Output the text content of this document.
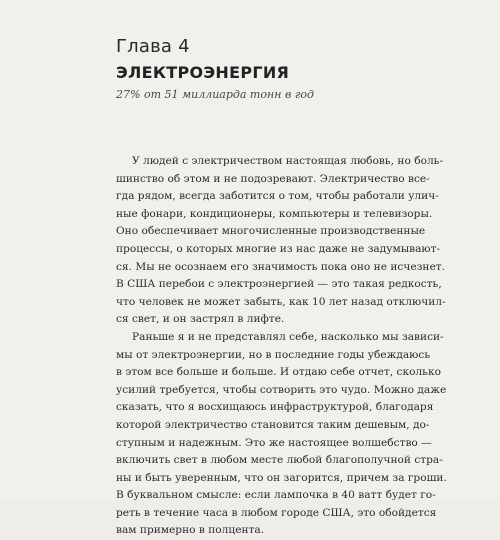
Глава 4
ЭЛЕКТРОЭНЕРГИЯ
27% от 51 миллиарда тонн в год
У людей с электричеством настоящая любовь, но боль-
шинство об этом и не подозревают. Электричество все-
гда рядом, всегда заботится о том, чтобы работали улич-
ные фонари, кондиционеры, компьютеры и телевизоры.
Оно обеспечивает многочисленные производственные
процессы, о которых многие из нас даже не задумывают-
ся. Мы не осознаем его значимость пока оно не исчезнет.
В США перебои с электроэнергией — это такая редкость,
что человек не может забыть, как 10 лет назад отключил-
ся свет, и он застрял в лифте.
Раньше я и не представлял себе, насколько мы зависи-
мы от электроэнергии, но в последние годы убеждаюсь
в этом все больше и больше. И отдаю себе отчет, сколько
усилий требуется, чтобы сотворить это чудо. Можно даже
сказать, что я восхищаюсь инфраструктурой, благодаря
которой электричество становится таким дешевым, до-
ступным и надежным. Это же настоящее волшебство —
включить свет в любом месте любой благополучной стра-
ны и быть уверенным, что он загорится, причем за гроши.
В буквальном смысле: если лампочка в 40 ватт будет го-
реть в течение часа в любом городе США, это обойдется
вам примерно в полцента.
